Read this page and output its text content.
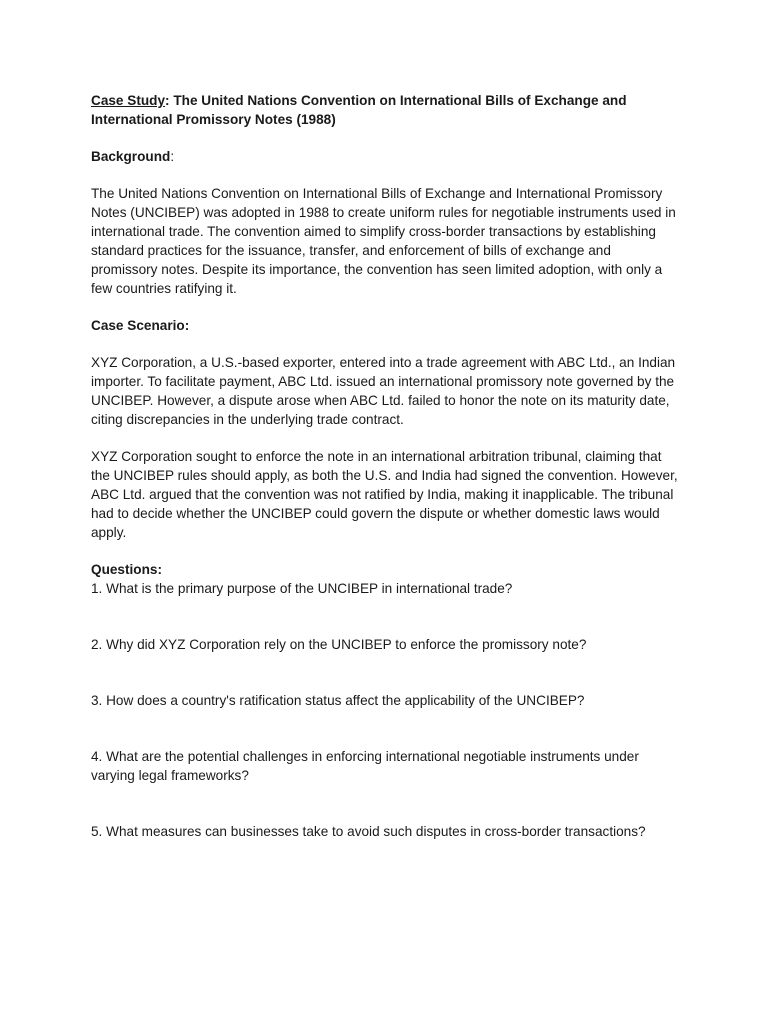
Case Study: The United Nations Convention on International Bills of Exchange and International Promissory Notes (1988)

Background:

The United Nations Convention on International Bills of Exchange and International Promissory Notes (UNCIBEP) was adopted in 1988 to create uniform rules for negotiable instruments used in international trade. The convention aimed to simplify cross-border transactions by establishing standard practices for the issuance, transfer, and enforcement of bills of exchange and promissory notes. Despite its importance, the convention has seen limited adoption, with only a few countries ratifying it.

Case Scenario:

XYZ Corporation, a U.S.-based exporter, entered into a trade agreement with ABC Ltd., an Indian importer. To facilitate payment, ABC Ltd. issued an international promissory note governed by the UNCIBEP. However, a dispute arose when ABC Ltd. failed to honor the note on its maturity date, citing discrepancies in the underlying trade contract.

XYZ Corporation sought to enforce the note in an international arbitration tribunal, claiming that the UNCIBEP rules should apply, as both the U.S. and India had signed the convention. However, ABC Ltd. argued that the convention was not ratified by India, making it inapplicable. The tribunal had to decide whether the UNCIBEP could govern the dispute or whether domestic laws would apply.

Questions:

1. What is the primary purpose of the UNCIBEP in international trade?

2. Why did XYZ Corporation rely on the UNCIBEP to enforce the promissory note?

3. How does a country's ratification status affect the applicability of the UNCIBEP?

4. What are the potential challenges in enforcing international negotiable instruments under varying legal frameworks?

5. What measures can businesses take to avoid such disputes in cross-border transactions?
